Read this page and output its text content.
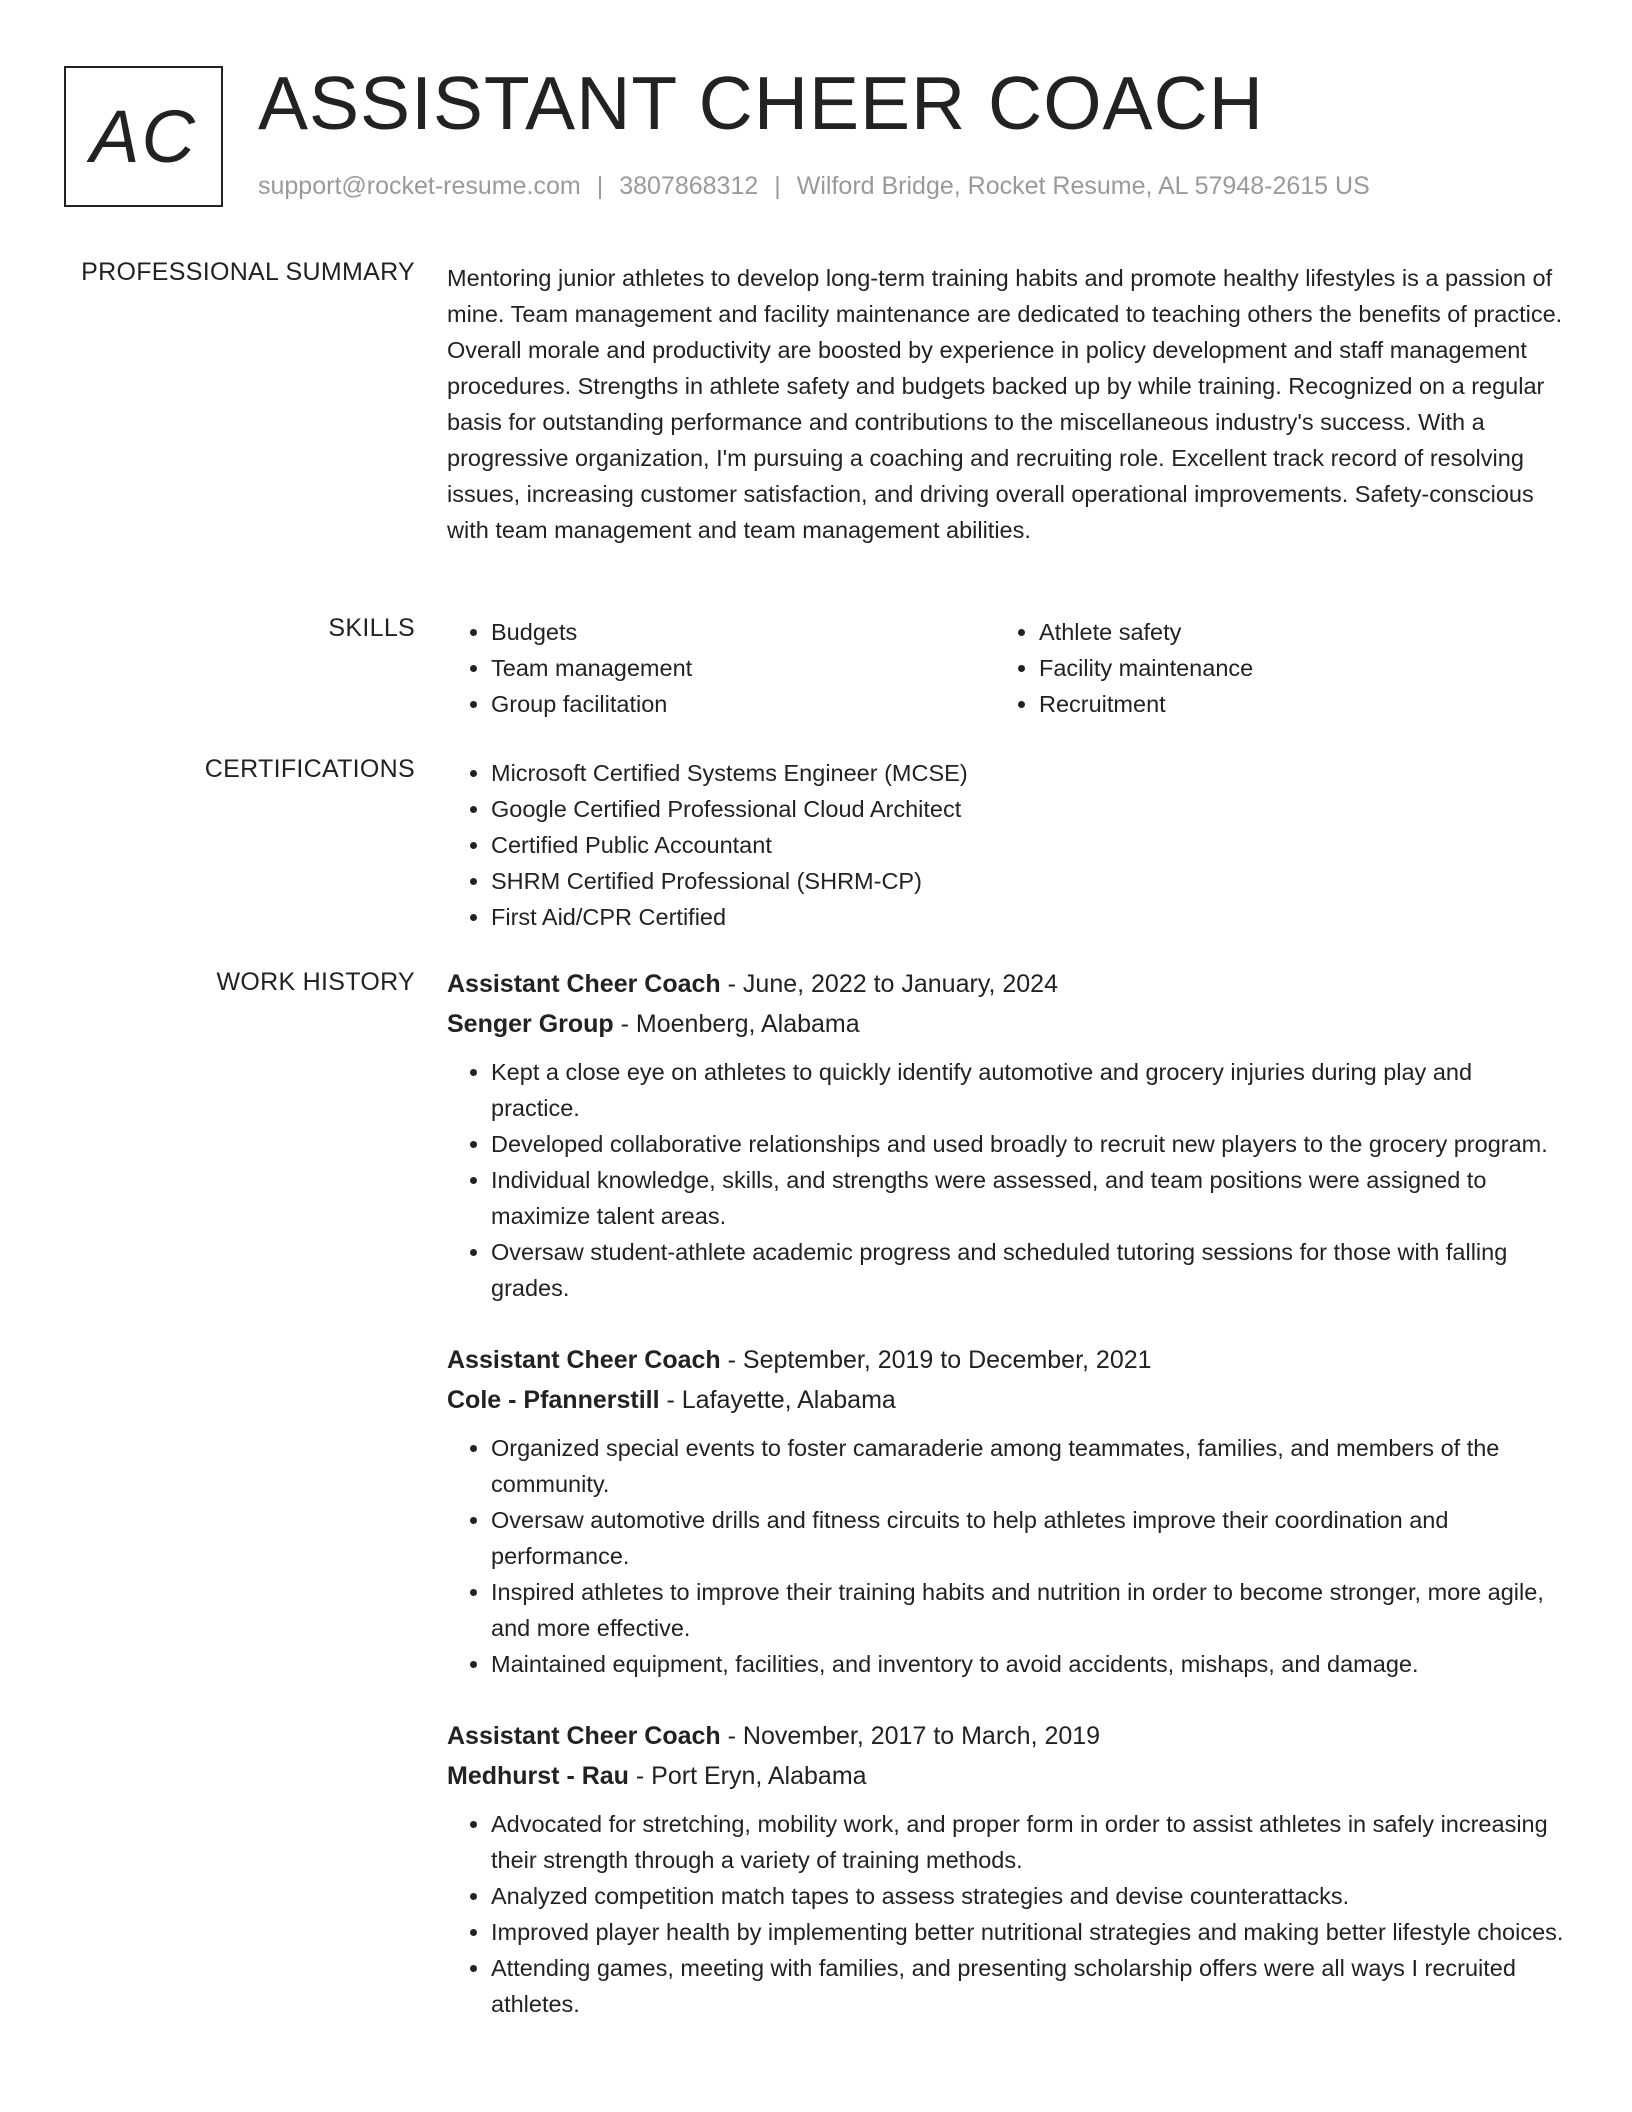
AC ASSISTANT CHEER COACH
support@rocket-resume.com | 3807868312 | Wilford Bridge, Rocket Resume, AL 57948-2615 US
PROFESSIONAL SUMMARY Mentoring junior athletes to develop long-term training habits and promote healthy lifestyles is a passion of mine. Team management and facility maintenance are dedicated to teaching others the benefits of practice. Overall morale and productivity are boosted by experience in policy development and staff management procedures. Strengths in athlete safety and budgets backed up by while training. Recognized on a regular basis for outstanding performance and contributions to the miscellaneous industry's success. With a progressive organization, I'm pursuing a coaching and recruiting role. Excellent track record of resolving issues, increasing customer satisfaction, and driving overall operational improvements. Safety-conscious with team management and team management abilities.

SKILLS	• Budgets
• Team management
• Group facilitation
• Athlete safety
• Facility maintenance
• Recruitment
CERTIFICATIONS	• Microsoft Certified Systems Engineer (MCSE)
• Google Certified Professional Cloud Architect
• Certified Public Accountant
• SHRM Certified Professional (SHRM-CP)
• First Aid/CPR Certified
WORK HISTORY Assistant Cheer Coach - June, 2022 to January, 2024
Senger Group - Moenberg, Alabama
• Kept a close eye on athletes to quickly identify automotive and grocery injuries during play and practice.
• Developed collaborative relationships and used broadly to recruit new players to the grocery program.
• Individual knowledge, skills, and strengths were assessed, and team positions were assigned to maximize talent areas.
• Oversaw student-athlete academic progress and scheduled tutoring sessions for those with falling grades.
Assistant Cheer Coach - September, 2019 to December, 2021
Cole - Pfannerstill - Lafayette, Alabama
• Organized special events to foster camaraderie among teammates, families, and members of the community.
• Oversaw automotive drills and fitness circuits to help athletes improve their coordination and performance.
• Inspired athletes to improve their training habits and nutrition in order to become stronger, more agile, and more effective.
• Maintained equipment, facilities, and inventory to avoid accidents, mishaps, and damage.
Assistant Cheer Coach - November, 2017 to March, 2019
Medhurst - Rau - Port Eryn, Alabama
• Advocated for stretching, mobility work, and proper form in order to assist athletes in safely increasing their strength through a variety of training methods.
• Analyzed competition match tapes to assess strategies and devise counterattacks.
• Improved player health by implementing better nutritional strategies and making better lifestyle choices.
• Attending games, meeting with families, and presenting scholarship offers were all ways I recruited athletes.
